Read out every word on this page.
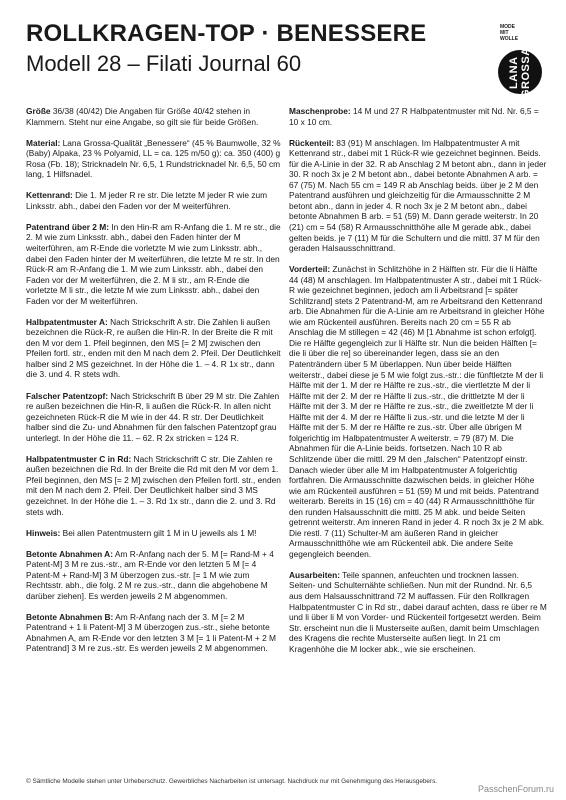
ROLLKRAGEN-TOP · BENESSERE
Modell 28 – Filati Journal 60
MODE MIT WOLLE
LANA GROSSA

Größe 36/38 (40/42) Die Angaben für Größe 40/42 stehen in Klammern. Steht nur eine Angabe, so gilt sie für beide Größen.

Material: Lana Grossa-Qualität „Benessere“ (45 % Baumwolle, 32 % (Baby) Alpaka, 23 % Polyamid, LL = ca. 125 m/50 g): ca. 350 (400) g Rosa (Fb. 18); Stricknadeln Nr. 6,5, 1 Rundstricknadel Nr. 6,5, 50 cm lang, 1 Hilfsnadel.

Kettenrand: Die 1. M jeder R re str. Die letzte M jeder R wie zum Linksstr. abh., dabei den Faden vor der M weiterführen.

Patentrand über 2 M: In den Hin-R am R-Anfang die 1. M re str., die 2. M wie zum Linksstr. abh., dabei den Faden hinter der M weiterführen, am R-Ende die vorletzte M wie zum Linksstr. abh., dabei den Faden hinter der M weiterführen, die letzte M re str. In den Rück-R am R-Anfang die 1. M wie zum Linksstr. abh., dabei den Faden vor der M weiterführen, die 2. M li str., am R-Ende die vorletzte M li str., die letzte M wie zum Linksstr. abh., dabei den Faden vor der M weiterführen.

Halbpatentmuster A: Nach Strickschrift A str. Die Zahlen li außen bezeichnen die Rück-R, re außen die Hin-R. In der Breite die R mit den M vor dem 1. Pfeil beginnen, den MS [= 2 M] zwischen den Pfeilen fortl. str., enden mit den M nach dem 2. Pfeil. Der Deutlichkeit halber sind 2 MS gezeichnet. In der Höhe die 1. – 4. R 1x str., dann die 3. und 4. R stets wdh.

Falscher Patentzopf: Nach Strickschrift B über 29 M str. Die Zahlen re außen bezeichnen die Hin-R, li außen die Rück-R. In allen nicht gezeichneten Rück-R die M wie in der 44. R str. Der Deutlichkeit halber sind die Zu- und Abnahmen für den falschen Patentzopf grau unterlegt. In der Höhe die 11. – 62. R 2x stricken = 124 R.

Halbpatentmuster C in Rd: Nach Strickschrift C str. Die Zahlen re außen bezeichnen die Rd. In der Breite die Rd mit den M vor dem 1. Pfeil beginnen, den MS [= 2 M] zwischen den Pfeilen fortl. str., enden mit den M nach dem 2. Pfeil. Der Deutlichkeit halber sind 3 MS gezeichnet. In der Höhe die 1. – 3. Rd 1x str., dann die 2. und 3. Rd stets wdh.

Hinweis: Bei allen Patentmustern gilt 1 M in U jeweils als 1 M!

Betonte Abnahmen A: Am R-Anfang nach der 5. M [= Rand-M + 4 Patent-M] 3 M re zus.-str., am R-Ende vor den letzten 5 M [= 4 Patent-M + Rand-M] 3 M überzogen zus.-str. [= 1 M wie zum Rechtsstr. abh., die folg. 2 M re zus.-str., dann die abgehobene M darüber ziehen]. Es werden jeweils 2 M abgenommen.

Betonte Abnahmen B: Am R-Anfang nach der 3. M [= 2 M Patentrand + 1 li Patent-M] 3 M überzogen zus.-str., siehe betonte Abnahmen A, am R-Ende vor den letzten 3 M [= 1 li Patent-M + 2 M Patentrand] 3 M re zus.-str. Es werden jeweils 2 M abgenommen.

Maschenprobe: 14 M und 27 R Halbpatentmuster mit Nd. Nr. 6,5 = 10 x 10 cm.

Rückenteil: 83 (91) M anschlagen. Im Halbpatentmuster A mit Kettenrand str., dabei mit 1 Rück-R wie gezeichnet beginnen. Beids. für die A-Linie in der 32. R ab Anschlag 2 M betont abn., dann in jeder 30. R noch 3x je 2 M betont abn., dabei betonte Abnahmen A arb. = 67 (75) M. Nach 55 cm = 149 R ab Anschlag beids. über je 2 M den Patentrand ausführen und gleichzeitig für die Armausschnitte 2 M betont abn., dann in jeder 4. R noch 3x je 2 M betont abn., dabei betonte Abnahmen B arb. = 51 (59) M. Dann gerade weiterstr. In 20 (21) cm = 54 (58) R Armausschnitthöhe alle M gerade abk., dabei gelten beids. je 7 (11) M für die Schultern und die mittl. 37 M für den geraden Halsausschnittrand.

Vorderteil: Zunächst in Schlitzhöhe in 2 Hälften str. Für die li Hälfte 44 (48) M anschlagen. Im Halbpatentmuster A str., dabei mit 1 Rück-R wie gezeichnet beginnen, jedoch am li Arbeitsrand [= später Schlitzrand] stets 2 Patentrand-M, am re Arbeitsrand den Kettenrand arb. Die Abnahmen für die A-Linie am re Arbeitsrand in gleicher Höhe wie am Rückenteil ausführen. Bereits nach 20 cm = 55 R ab Anschlag die M stillegen = 42 (46) M [1 Abnahme ist schon erfolgt]. Die re Hälfte gegengleich zur li Hälfte str. Nun die beiden Hälften [= die li über die re] so übereinander legen, dass sie an den Patenträndern über 5 M überlappen. Nun über beide Hälften weiterstr., dabei diese je 5 M wie folgt zus.-str.: die fünftletzte M der li Hälfte mit der 1. M der re Hälfte re zus.-str., die viertletzte M der li Hälfte mit der 2. M der re Hälfte li zus.-str., die drittletzte M der li Hälfte mit der 3. M der re Hälfte re zus.-str., die zweitletzte M der li Hälfte mit der 4. M der re Hälfte li zus.-str. und die letzte M der li Hälfte mit der 5. M der re Hälfte re zus.-str. Über alle übrigen M folgerichtig im Halbpatentmuster A weiterstr. = 79 (87) M. Die Abnahmen für die A-Linie beids. fortsetzen. Nach 10 R ab Schlitzende über die mittl. 29 M den „falschen“ Patentzopf einstr. Danach wieder über alle M im Halbpatentmuster A folgerichtig fortfahren. Die Armausschnitte dazwischen beids. in gleicher Höhe wie am Rückenteil ausführen = 51 (59) M und mit beids. Patentrand weiterarb. Bereits in 15 (16) cm = 40 (44) R Armausschnitthöhe für den runden Halsausschnitt die mittl. 25 M abk. und beide Seiten getrennt weiterstr. Am inneren Rand in jeder 4. R noch 3x je 2 M abk. Die restl. 7 (11) Schulter-M am äußeren Rand in gleicher Armausschnitthöhe wie am Rückenteil abk. Die andere Seite gegengleich beenden.

Ausarbeiten: Teile spannen, anfeuchten und trocknen lassen. Seiten- und Schulternähte schließen. Nun mit der Rundnd. Nr. 6,5 aus dem Halsausschnittrand 72 M auffassen. Für den Rollkragen Halbpatentmuster C in Rd str., dabei darauf achten, dass re über re M und li über li M von Vorder- und Rückenteil fortgesetzt werden. Beim Str. erscheint nun die li Musterseite außen, damit beim Umschlagen des Kragens die rechte Musterseite außen liegt. In 21 cm Kragenhöhe die M locker abk., wie sie erscheinen.

© Sämtliche Modelle stehen unter Urheberschutz. Gewerbliches Nacharbeiten ist untersagt. Nachdruck nur mit Genehmigung des Herausgebers.
PasschenForum.ru
